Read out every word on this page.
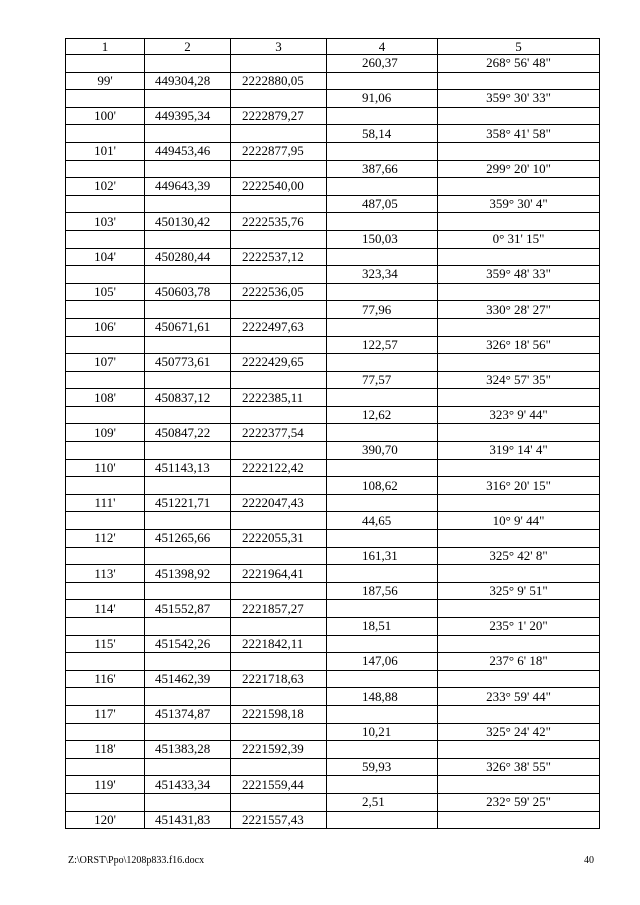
1	2	3	4	5
			260,37	268° 56' 48"
99'	449304,28	2222880,05		
			91,06	359° 30' 33"
100'	449395,34	2222879,27		
			58,14	358° 41' 58"
101'	449453,46	2222877,95		
			387,66	299° 20' 10"
102'	449643,39	2222540,00		
			487,05	359° 30' 4"
103'	450130,42	2222535,76		
			150,03	0° 31' 15"
104'	450280,44	2222537,12		
			323,34	359° 48' 33"
105'	450603,78	2222536,05		
			77,96	330° 28' 27"
106'	450671,61	2222497,63		
			122,57	326° 18' 56"
107'	450773,61	2222429,65		
			77,57	324° 57' 35"
108'	450837,12	2222385,11		
			12,62	323° 9' 44"
109'	450847,22	2222377,54		
			390,70	319° 14' 4"
110'	451143,13	2222122,42		
			108,62	316° 20' 15"
111'	451221,71	2222047,43		
			44,65	10° 9' 44"
112'	451265,66	2222055,31		
			161,31	325° 42' 8"
113'	451398,92	2221964,41		
			187,56	325° 9' 51"
114'	451552,87	2221857,27		
			18,51	235° 1' 20"
115'	451542,26	2221842,11		
			147,06	237° 6' 18"
116'	451462,39	2221718,63		
			148,88	233° 59' 44"
117'	451374,87	2221598,18		
			10,21	325° 24' 42"
118'	451383,28	2221592,39		
			59,93	326° 38' 55"
119'	451433,34	2221559,44		
			2,51	232° 59' 25"
120'	451431,83	2221557,43		
Z:\ORST\Ppo\1208p833.f16.docx	40
